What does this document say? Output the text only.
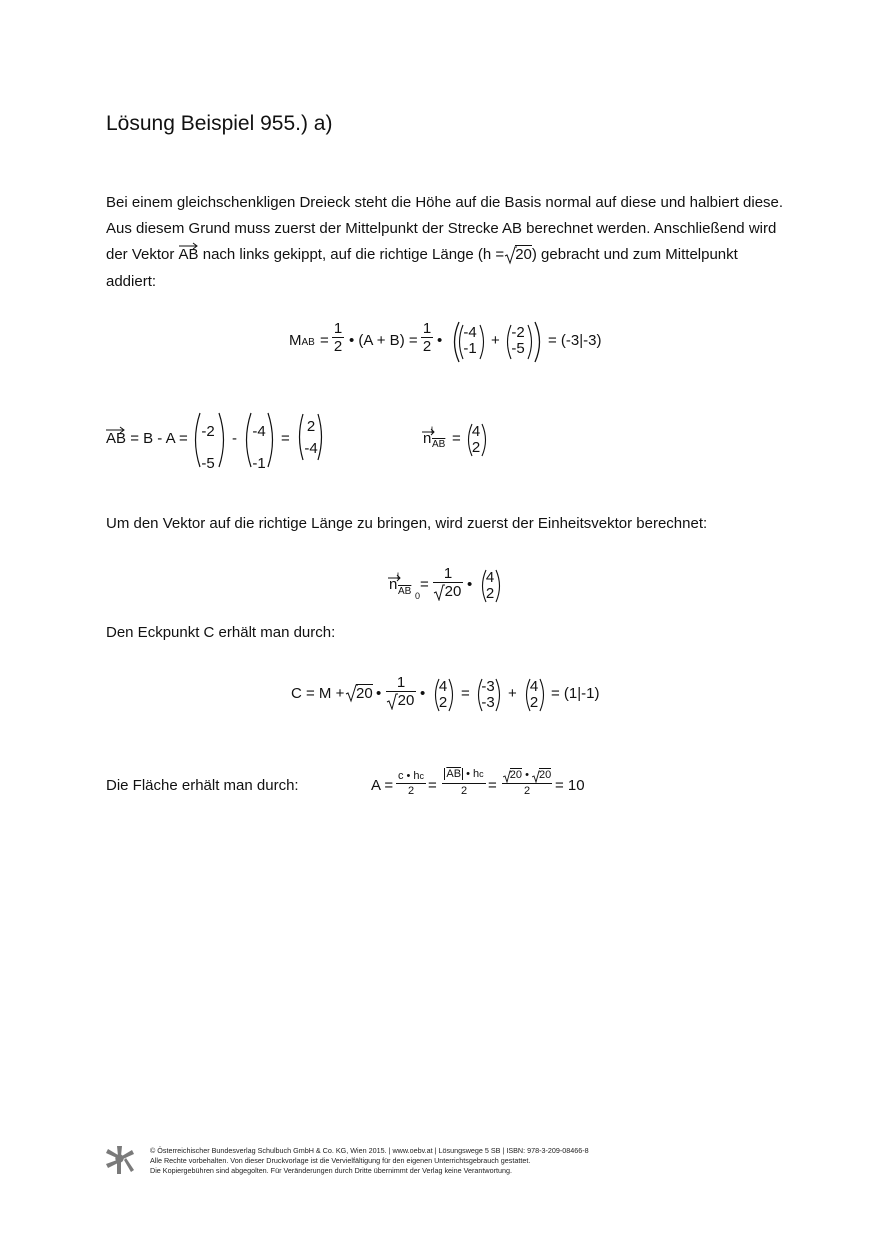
Lösung Beispiel 955.) a)
Bei einem gleichschenkligen Dreieck steht die Höhe auf die Basis normal auf diese und halbiert diese.
Aus diesem Grund muss zuerst der Mittelpunkt der Strecke AB berechnet werden. Anschließend wird
der Vektor AB nach links gekippt, auf die richtige Länge (h = 20) gebracht und zum Mittelpunkt
addiert:
MAB =
1
2 • (A + B) =
1
2 • -4
-1 + -2
-5 = (-3|-3)
AB = B - A = -2
-5
- -4
-1
=
2
-4
n l
$\overline{AB} = 4$
2
Um den Vektor auf die richtige Länge zu bringen, wird zuerst der Einheitsvektor berechnet:
n l
$\overline{AB}$ 0
=
1
20 • 4
2
Den Eckpunkt C erhält man durch:
C = M + 20 •
1
20 • 4
2
= -3
-3
+ 4
2
= (1|-1)
Die Fläche erhält man durch:	A =
c • hc
2 =
$\overline{AB}$ • hc
2	=
20 • 20
2	= 10
© Österreichischer Bundesverlag Schulbuch GmbH & Co. KG, Wien 2015. | www.oebv.at | Lösungswege 5 SB | ISBN: 978-3-209-08466-8
Alle Rechte vorbehalten. Von dieser Druckvorlage ist die Vervielfältigung für den eigenen Unterrichtsgebrauch gestattet.
Die Kopiergebühren sind abgegolten. Für Veränderungen durch Dritte übernimmt der Verlag keine Verantwortung.
